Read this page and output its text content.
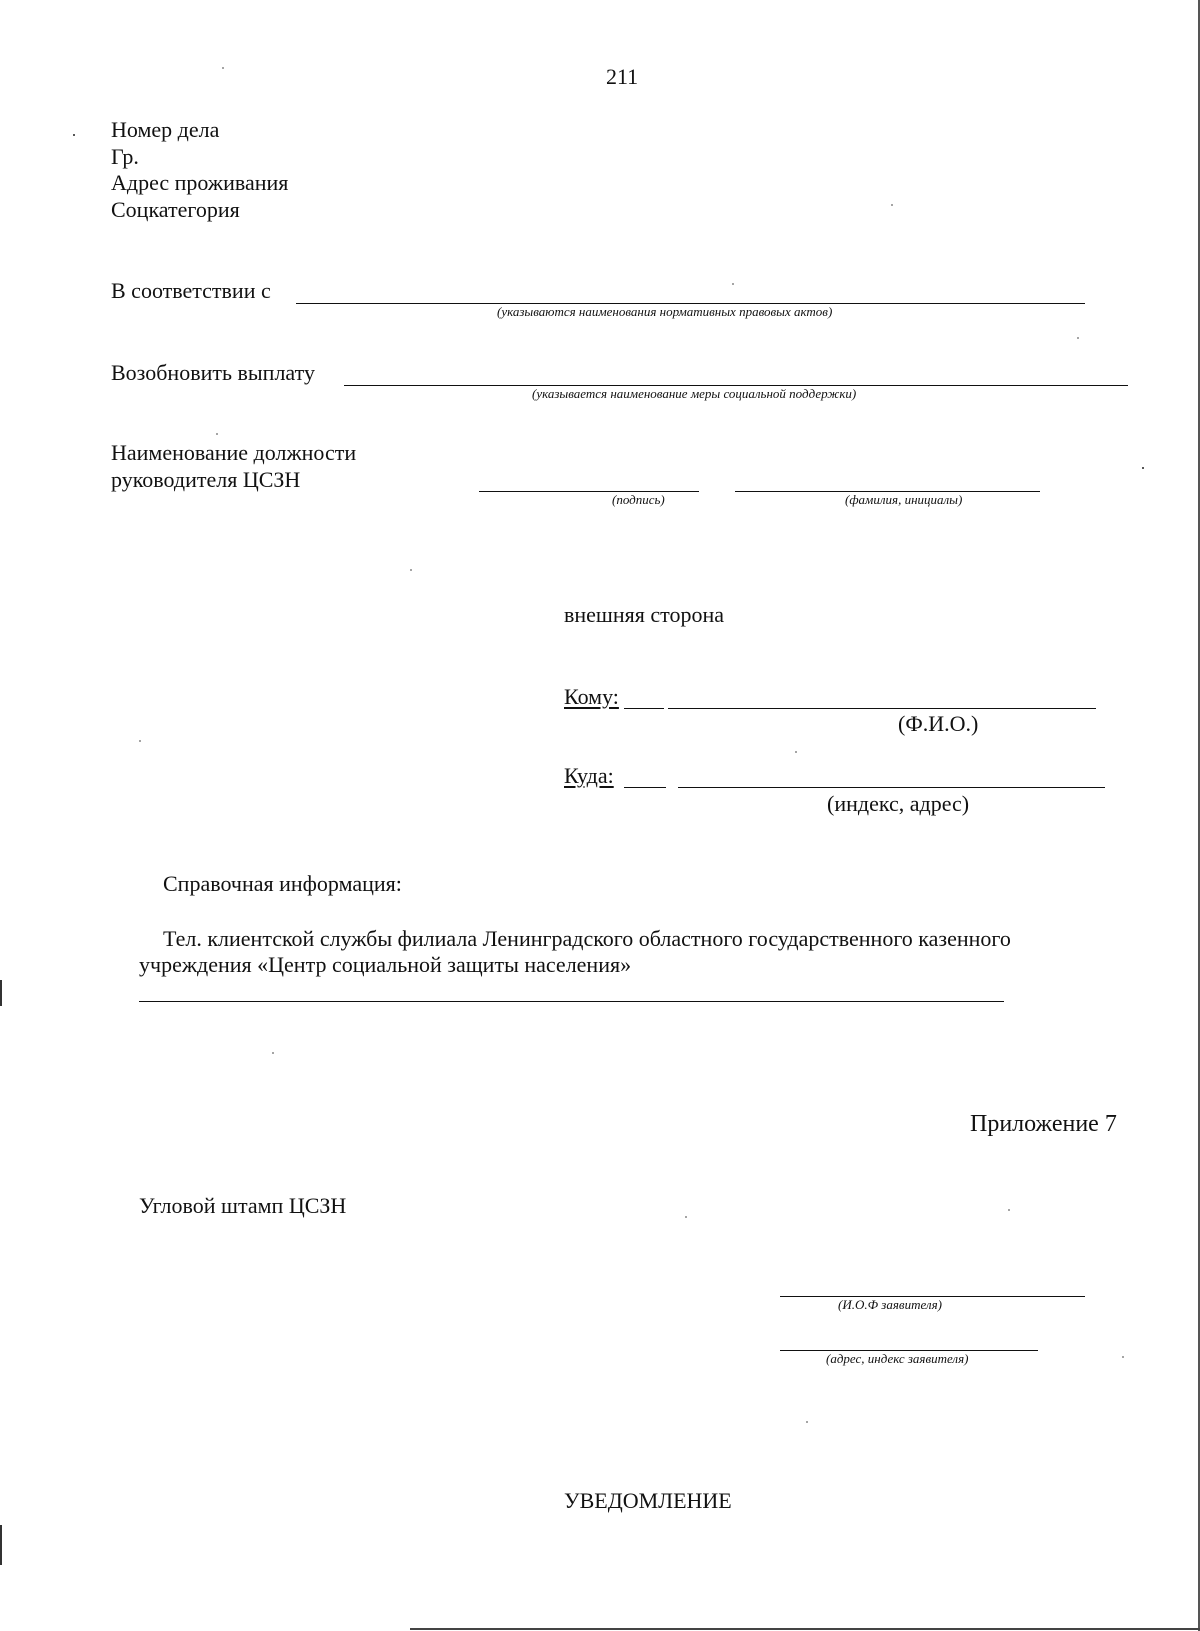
211
Номер дела
Гр.
Адрес проживания
Соцкатегория
В соответствии с
(указываются наименования нормативных правовых актов)
Возобновить выплату
(указывается наименование меры социальной поддержки)
Наименование должности
руководителя ЦСЗН
(подпись)	(фамилия, инициалы)
внешняя сторона
Кому:
(Ф.И.О.)
Куда:
(индекс, адрес)
Справочная информация:
Тел. клиентской службы филиала Ленинградского областного государственного казенного
учреждения «Центр социальной защиты населения»
Приложение 7
Угловой штамп ЦСЗН
(И.О.Ф заявителя)
(адрес, индекс заявителя)
УВЕДОМЛЕНИЕ
